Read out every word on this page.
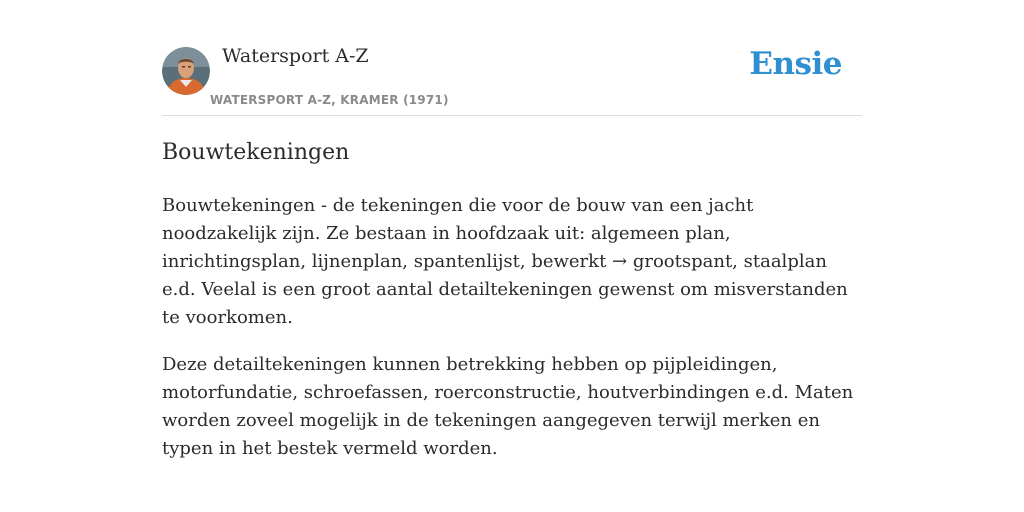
Watersport A-Z
WATERSPORT A-Z, KRAMER (1971)
Ensie
Bouwtekeningen

Bouwtekeningen - de tekeningen die voor de bouw van een jacht noodzakelijk zijn. Ze bestaan in hoofdzaak uit: algemeen plan, inrichtingsplan, lijnenplan, spantenlijst, bewerkt → grootspant, staalplan e.d. Veelal is een groot aantal detailtekeningen gewenst om misverstanden te voorkomen.

Deze detailtekeningen kunnen betrekking hebben op pijpleidingen, motorfundatie, schroefassen, roerconstructie, houtverbindingen e.d. Maten worden zoveel mogelijk in de tekeningen aangegeven terwijl merken en typen in het bestek vermeld worden.
